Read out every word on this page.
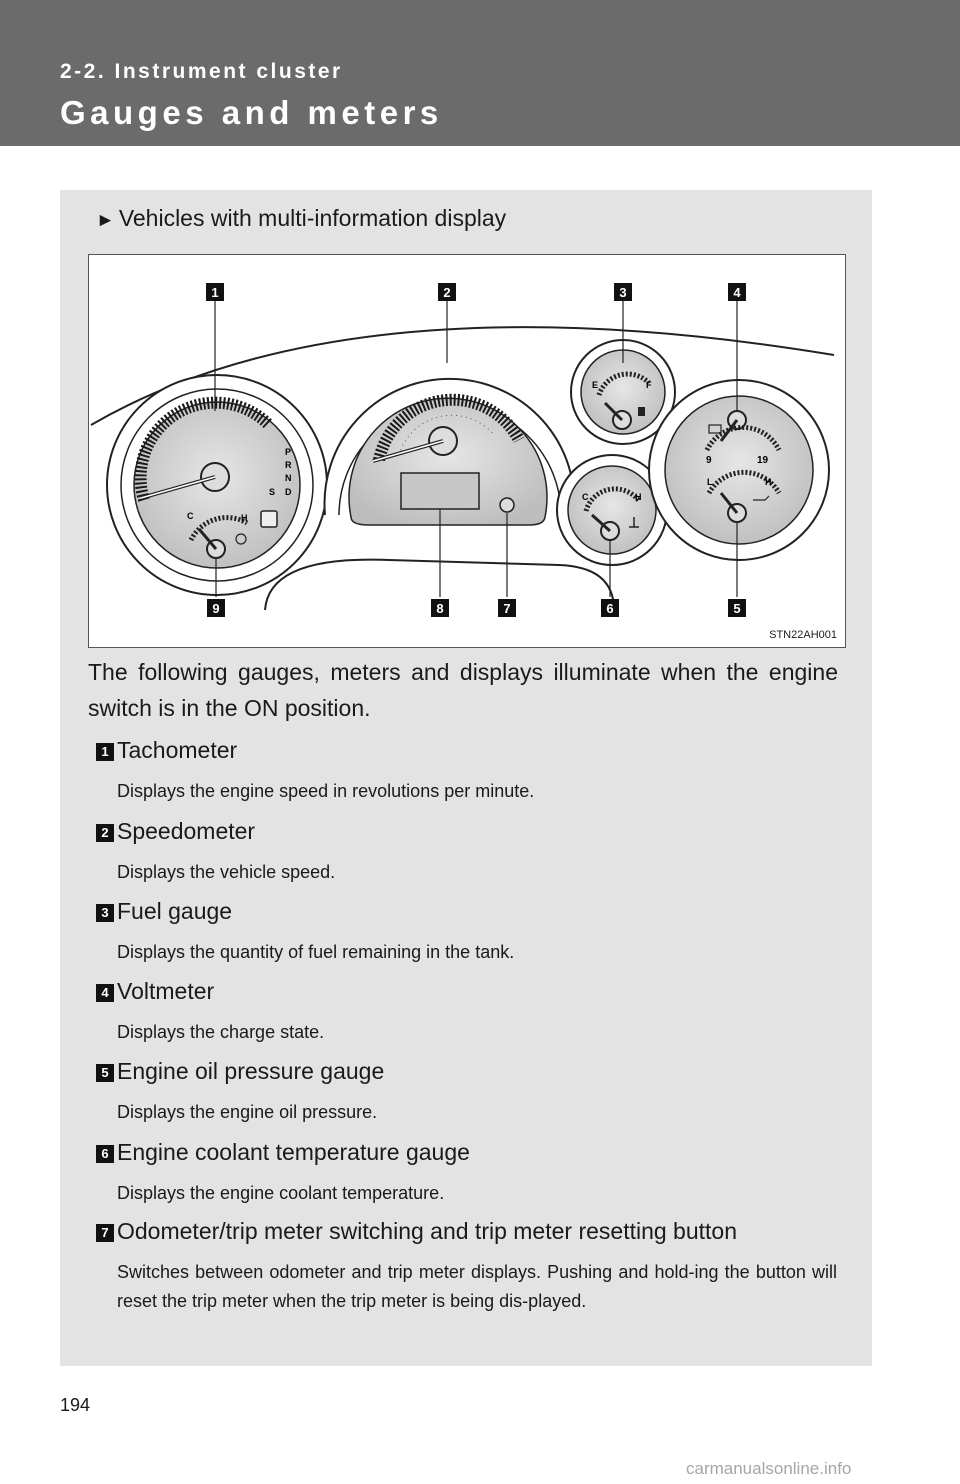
2-2. Instrument cluster
Gauges and meters
► Vehicles with multi-information display
P
R
N
D
S
C	H
E	F
C	H
9	19
L	H
1	2	3	4
5
6
7
8
9
STN22AH001
The following gauges, meters and displays illuminate when the engine switch is in the ON position.
1 Tachometer
Displays the engine speed in revolutions per minute.
2 Speedometer
Displays the vehicle speed.
3 Fuel gauge
Displays the quantity of fuel remaining in the tank.
4 Voltmeter
Displays the charge state.
5 Engine oil pressure gauge
Displays the engine oil pressure.
6 Engine coolant temperature gauge
Displays the engine coolant temperature.
7 Odometer/trip meter switching and trip meter resetting button
Switches between odometer and trip meter displays. Pushing and hold-ing the button will reset the trip meter when the trip meter is being dis-played.
194
carmanualsonline.info
